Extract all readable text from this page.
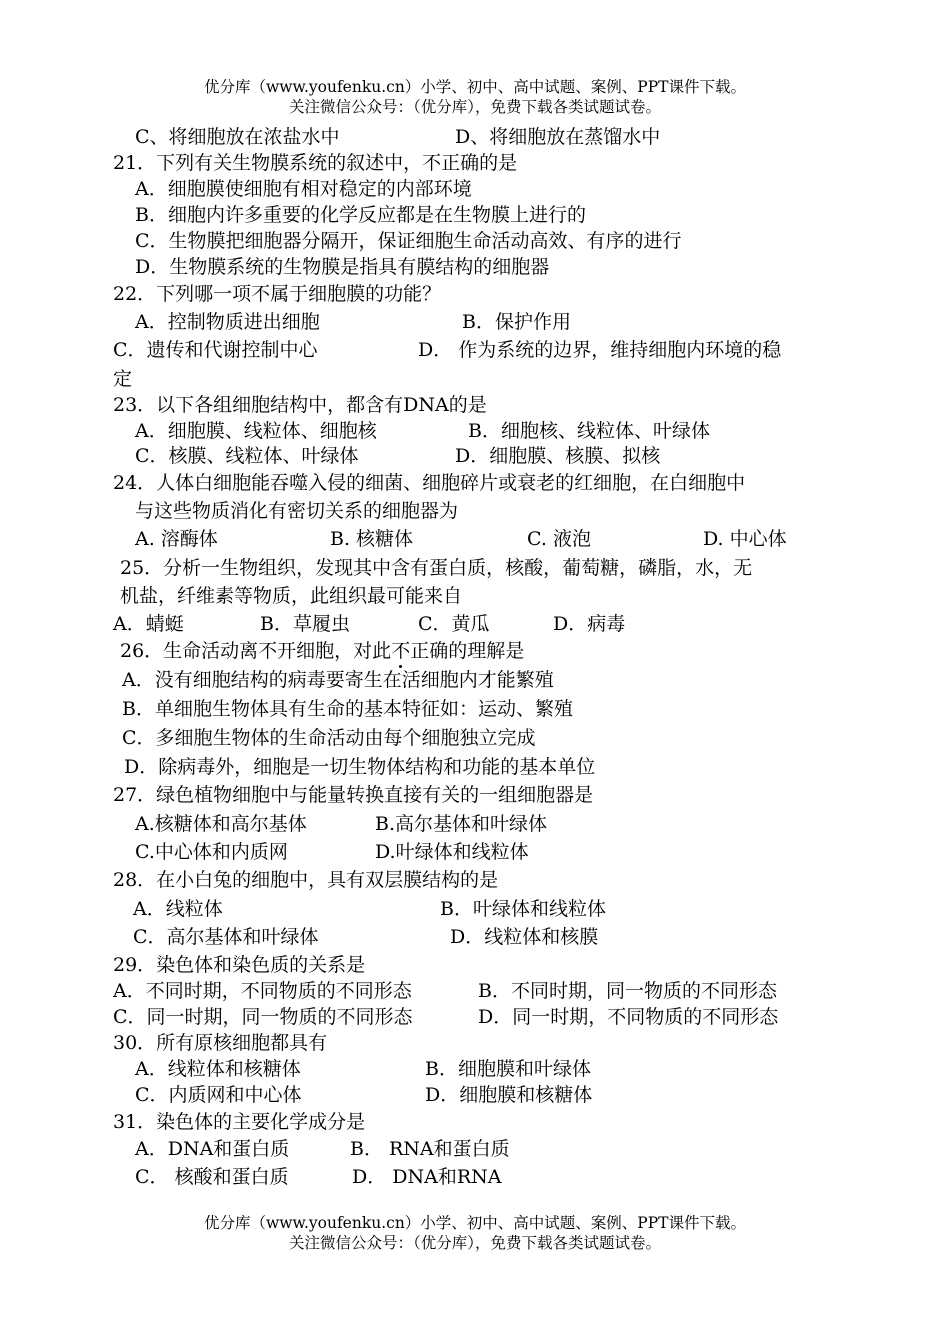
优分库（www.youfenku.cn）小学、初中、高中试题、案例、PPT课件下载。
关注微信公众号：（优分库），免费下载各类试题试卷。
C、将细胞放在浓盐水中	D、将细胞放在蒸馏水中
21．下列有关生物膜系统的叙述中，不正确的是
A．细胞膜使细胞有相对稳定的内部环境
B．细胞内许多重要的化学反应都是在生物膜上进行的
C．生物膜把细胞器分隔开，保证细胞生命活动高效、有序的进行
D．生物膜系统的生物膜是指具有膜结构的细胞器
22．下列哪一项不属于细胞膜的功能？
A．控制物质进出细胞	B．保护作用
C．遗传和代谢控制中心	D． 作为系统的边界，维持细胞内环境的稳
定
23．以下各组细胞结构中，都含有DNA的是
A．细胞膜、线粒体、细胞核	B．细胞核、线粒体、叶绿体
C．核膜、线粒体、叶绿体	D．细胞膜、核膜、拟核
24．人体白细胞能吞噬入侵的细菌、细胞碎片或衰老的红细胞，在白细胞中
与这些物质消化有密切关系的细胞器为
A. 溶酶体	B. 核糖体	C. 液泡	D. 中心体
25．分析一生物组织，发现其中含有蛋白质，核酸，葡萄糖，磷脂，水，无
机盐，纤维素等物质，此组织最可能来自
A．蜻蜓	B．草履虫	C．黄瓜	D．病毒
26．生命活动离不开细胞，对此不正确的理解是
A．没有细胞结构的病毒要寄生在活细胞内才能繁殖
B．单细胞生物体具有生命的基本特征如：运动、繁殖
C．多细胞生物体的生命活动由每个细胞独立完成
D．除病毒外，细胞是一切生物体结构和功能的基本单位
27．绿色植物细胞中与能量转换直接有关的一组细胞器是
A.核糖体和高尔基体	B.高尔基体和叶绿体
C.中心体和内质网	D.叶绿体和线粒体
28．在小白兔的细胞中，具有双层膜结构的是
A．线粒体	B．叶绿体和线粒体
C．高尔基体和叶绿体	D．线粒体和核膜
29．染色体和染色质的关系是
A．不同时期，不同物质的不同形态	B．不同时期，同一物质的不同形态
C．同一时期，同一物质的不同形态	D．同一时期，不同物质的不同形态
30．所有原核细胞都具有
A．线粒体和核糖体	B．细胞膜和叶绿体
C．内质网和中心体	D．细胞膜和核糖体
31．染色体的主要化学成分是
A．DNA和蛋白质	B． RNA和蛋白质
C． 核酸和蛋白质	D． DNA和RNA
优分库（www.youfenku.cn）小学、初中、高中试题、案例、PPT课件下载。
关注微信公众号：（优分库），免费下载各类试题试卷。
